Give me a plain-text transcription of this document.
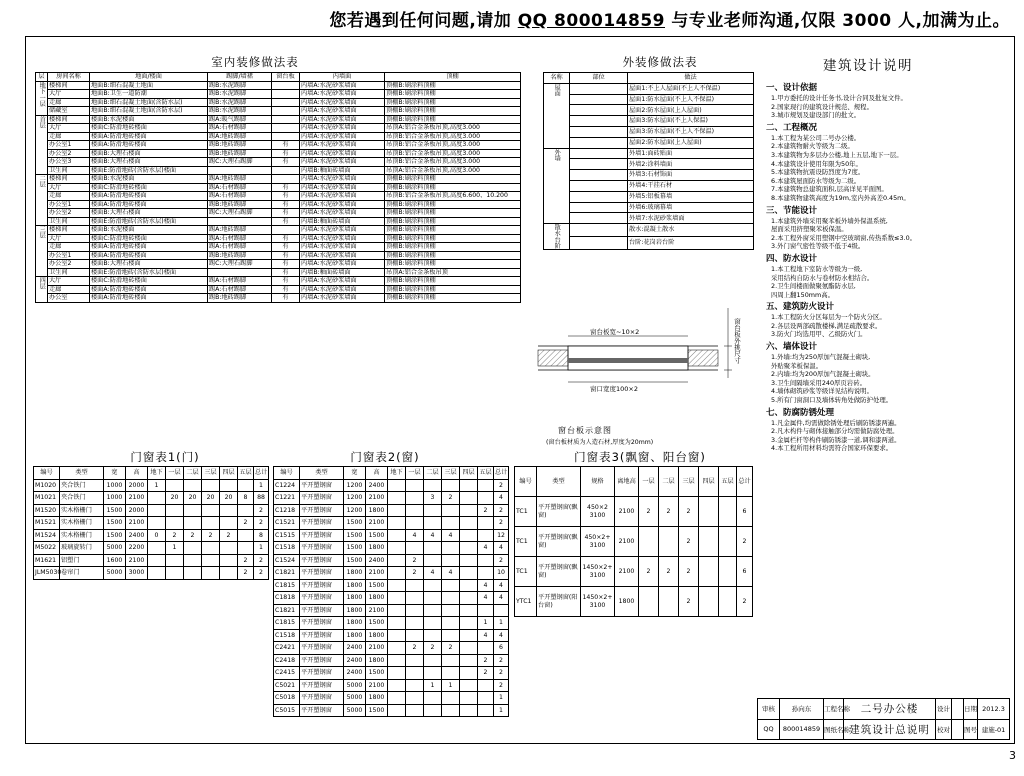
您若遇到任何问题,请加 QQ 800014859 与专业老师沟通,仅限 3000 人,加满为止。
3
室内装修做法表
层	房间名称	地面/楼面	踢脚/墙裙	窗台板	内墙面	顶棚
地下一层	楼梯间	地面B:细石混凝土地面	踢B:水泥踢脚		内墙A:水泥砂浆墙面	顶棚B:刷涂料顶棚
	大厅	地面B:卫生一道防潮	踢B:水泥踢脚		内墙A:水泥砂浆墙面	顶棚B:刷涂料顶棚
	走廊	地面B:细石混凝土地面(含防水层)	踢B:水泥踢脚		内墙A:水泥砂浆墙面	顶棚B:刷涂料顶棚
	储藏室	地面B:细石混凝土地面(含防水层)	踢B:水泥踢脚		内墙A:水泥砂浆墙面	顶棚B:刷涂料顶棚
首层	楼梯间	楼面B:水泥楼面	踢A:暖气踢脚		内墙A:水泥砂浆墙面	顶棚B:刷涂料顶棚
	大厅	楼面C:防滑地砖楼面	踢A:石材踢脚		内墙A:水泥砂浆墙面	吊顶A:铝合金条板吊顶,高度3.000
	走廊	楼面A:防滑地砖楼面	踢A:地砖踢脚		内墙A:水泥砂浆墙面	吊顶B:铝合金条板吊顶,高度3.000
	办公室1	楼面A:防滑地砖楼面	踢B:地砖踢脚	有	内墙A:水泥砂浆墙面	吊顶B:铝合金条板吊顶,高度3.000
	办公室2	楼面B:大理石楼面	踢B:地砖踢脚	有	内墙A:水泥砂浆墙面	吊顶B:铝合金条板吊顶,高度3.000
	办公室3	楼面B:大理石楼面	踢C:大理石踢脚	有	内墙A:水泥砂浆墙面	吊顶B:铝合金条板吊顶,高度3.000
	卫生间	楼面E:防滑地砖(含防水层)楼面			内墙B:釉面砖墙面	吊顶A:铝合金条板吊顶,高度3.000
二层	楼梯间	楼面B:水泥楼面	踢A:地砖踢脚		内墙A:水泥砂浆墙面	顶棚B:刷涂料顶棚
	大厅	楼面C:防滑地砖楼面	踢A:石材踢脚	有	内墙A:水泥砂浆墙面	顶棚B:刷涂料顶棚
	走廊	楼面A:防滑地砖楼面	踢A:石材踢脚	有	内墙A:水泥砂浆墙面	吊顶B:铝合金条板吊顶,高度6.600、10.200
	办公室1	楼面A:防滑地砖楼面	踢B:地砖踢脚	有	内墙A:水泥砂浆墙面	顶棚B:刷涂料顶棚
	办公室2	楼面B:大理石楼面	踢C:大理石踢脚	有	内墙A:水泥砂浆墙面	顶棚B:刷涂料顶棚
	卫生间	楼面E:防滑地砖(含防水层)楼面		有	内墙B:釉面砖墙面	顶棚B:刷涂料顶棚
三层	楼梯间	楼面B:水泥楼面	踢A:地砖踢脚		内墙A:水泥砂浆墙面	顶棚B:刷涂料顶棚
	大厅	楼面C:防滑地砖楼面	踢A:石材踢脚	有	内墙A:水泥砂浆墙面	顶棚B:刷涂料顶棚
	走廊	楼面A:防滑地砖楼面	踢A:石材踢脚	有	内墙A:水泥砂浆墙面	顶棚B:刷涂料顶棚
	办公室1	楼面A:防滑地砖楼面	踢B:地砖踢脚	有	内墙A:水泥砂浆墙面	顶棚B:刷涂料顶棚
	办公室2	楼面B:大理石楼面	踢C:大理石踢脚	有	内墙A:水泥砂浆墙面	顶棚B:刷涂料顶棚
	卫生间	楼面E:防滑地砖(含防水层)楼面		有	内墙B:釉面砖墙面	吊顶A:铝合金条板吊顶
四层	大厅	楼面C:防滑地砖楼面	踢A:石材踢脚	有	内墙A:水泥砂浆墙面	顶棚B:刷涂料顶棚
	走廊	楼面A:防滑地砖楼面	踢A:石材踢脚	有	内墙A:水泥砂浆墙面	顶棚B:刷涂料顶棚
	办公室	楼面A:防滑地砖楼面	踢B:地砖踢脚	有	内墙A:水泥砂浆墙面	顶棚B:刷涂料顶棚
外装修做法表
名称	部位	做法
屋面		屋面1:不上人屋面(不上人不保温)
		屋面1:防水屋面(不上人不保温)
		屋面2:防水屋面(上人屋面)
		屋面3:防水屋面(不上人保温)
		屋面3:防水屋面(不上人不保温)
		屋面2:防水屋面(上人屋面)
外墙		外墙1:面砖贴面
		外墙2:涂料墙面
		外墙3:石材饰面
		外墙4:干挂石材
		外墙5:铝板幕墙
		外墙6:玻璃幕墙
		外墙7:水泥砂浆墙面
散水台阶		散水:混凝土散水
		台阶:花岗岩台阶
窗台板宽~10×2
窗口宽度100×2
窗台板外挑尺寸
窗台板示意图
(窗台板材质为人造石材,厚度为20mm)
门窗表1(门)
编号	类型	宽	高	地下	一层	二层	三层	四层	五层	总计
M1020	夹合铁门	1000	2000	1						1
M1021	夹合铁门	1000	2100		20	20	20	20	8	88
M1520	实木格栅门	1500	2000							2
M1521	实木格栅门	1500	2100						2	2
M1524	实木格栅门	1500	2400	0	2	2	2	2		8
M5022	玻璃旋转门	5000	2200		1					1
M1621	铝塑门	1600	2100						2	2
JLM5030	卷帘门	5000	3000						2	2
门窗表2(窗)
编号	类型	宽	高	地下	一层	二层	三层	四层	五层	总计
C1224	平开塑钢窗	1200	2400							2
C1221	平开塑钢窗	1200	2100			3	2			4
C1218	平开塑钢窗	1200	1800						2	2
C1521	平开塑钢窗	1500	2100							2
C1515	平开塑钢窗	1500	1500		4	4	4			12
C1518	平开塑钢窗	1500	1800						4	4
C1524	平开塑钢窗	1500	2400		2					2
C1821	平开塑钢窗	1800	2100		2	4	4			10
C1815	平开塑钢窗	1800	1500						4	4
C1818	平开塑钢窗	1800	1800						4	4
C1821	平开塑钢窗	1800	2100							
C1815	平开塑钢窗	1800	1500						1	1
C1518	平开塑钢窗	1800	1800						4	4
C2421	平开塑钢窗	2400	2100		2	2	2			6
C2418	平开塑钢窗	2400	1800						2	2
C2415	平开塑钢窗	2400	1500						2	2
C5021	平开塑钢窗	5000	2100			1	1			2
C5018	平开塑钢窗	5000	1800							1
C5015	平开塑钢窗	5000	1500							1
门窗表3(飘窗、阳台窗)
编号	类型	规格	离地高	一层	二层	三层	四层	五层	总计
TC1	平开塑钢窗(飘窗)	450×2 3100	2100	2	2	2			6
TC1	平开塑钢窗(飘窗)	450×2+ 3100	2100			2			2
TC1	平开塑钢窗(飘窗)	1450×2+ 3100	2100	2	2	2			6
YTC1	平开塑钢窗(阳台窗)	1450×2+ 3100	1800			2			2
建筑设计说明
一、设计依据

1.甲方委托的设计任务书,设计合同及批复文件。

2.国家现行的建筑设计规范、规程。

3.城市规划及建设部门的批文。

二、工程概况

1.本工程为某公司二号办公楼。

2.本建筑物耐火等级为二级。

3.本建筑物为多层办公楼,地上五层,地下一层。

4.本建筑设计使用年限为50年。

5.本建筑物抗震设防烈度为7度。

6.本建筑屋面防水等级为二级。

7.本建筑物总建筑面积,层高详见平面图。

8.本建筑物建筑高度为19m,室内外高差0.45m。

三、节能设计

1.本建筑外墙采用聚苯板外墙外保温系统,

屋面采用挤塑聚苯板保温。

2.本工程外窗采用塑钢中空玻璃窗,传热系数≤3.0。

3.外门窗气密性等级不低于4级。

四、防水设计

1.本工程地下室防水等级为一级,

采用结构自防水与卷材防水相结合。

2.卫生间楼面做聚氨酯防水层,

四周上翻150mm高。

五、建筑防火设计

1.本工程防火分区每层为一个防火分区。

2.各层设两部疏散楼梯,满足疏散要求。

3.防火门均选用甲、乙级防火门。

六、墙体设计

1.外墙:均为250厚加气混凝土砌块,

外贴聚苯板保温。

2.内墙:均为200厚加气混凝土砌块。

3.卫生间隔墙采用240厚页岩砖。

4.墙体砌筑砂浆等级详见结构说明。

5.所有门窗洞口及墙体转角处做防护处理。

七、防腐防锈处理

1.凡金属件,均需做除锈处理后刷防锈漆两遍。

2.凡木构件与砌体接触部分均需做防腐处理。

3.金属栏杆等构件刷防锈漆一道,调和漆两道。

4.本工程所用材料均需符合国家环保要求。

审核	孙向东	工程名称	二号办公楼	设计		日期	2012.3
QQ	800014859	图纸名称	建筑设计总说明	校对		图号	建施-01
